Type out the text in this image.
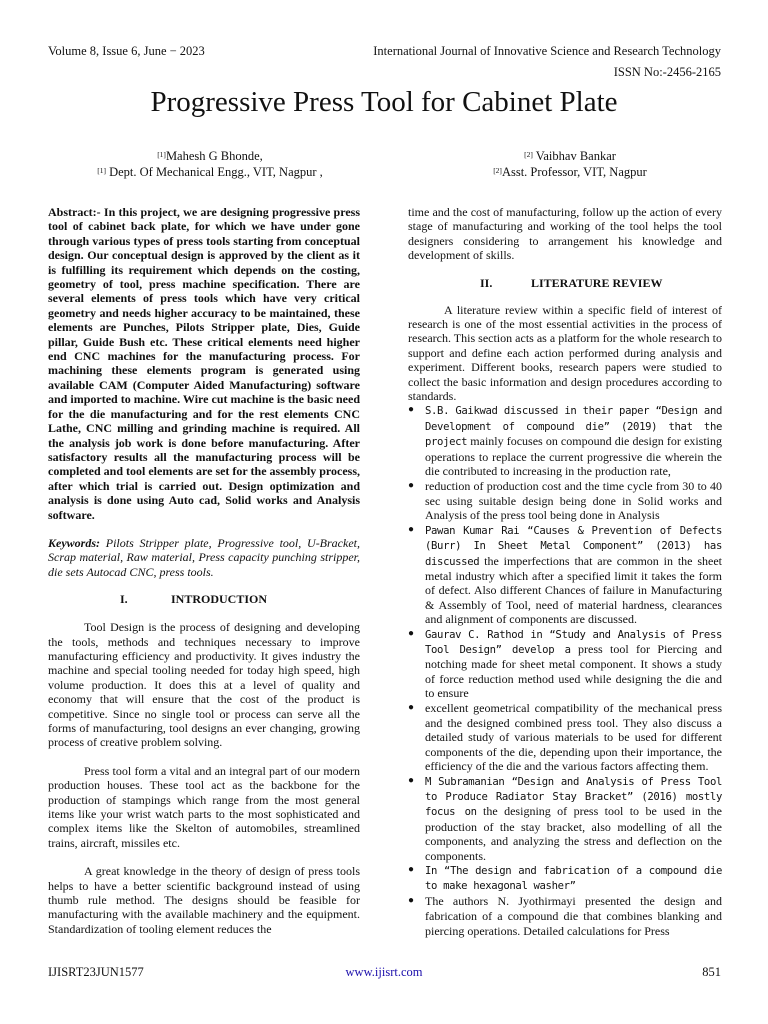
Volume 8, Issue 6, June − 2023	International Journal of Innovative Science and Research Technology
ISSN No:-2456-2165
Progressive Press Tool for Cabinet Plate
[1]Mahesh G Bhonde,
[1] Dept. Of Mechanical Engg., VIT, Nagpur ,
[2] Vaibhav Bankar
[2]Asst. Professor, VIT, Nagpur

Abstract:- In this project, we are designing progressive press tool of cabinet back plate, for which we have under gone through various types of press tools starting from conceptual design. Our conceptual design is approved by the client as it is fulfilling its requirement which depends on the costing, geometry of tool, press machine specification. There are several elements of press tools which have very critical geometry and needs higher accuracy to be maintained, these elements are Punches, Pilots Stripper plate, Dies, Guide pillar, Guide Bush etc. These critical elements need higher end CNC machines for the manufacturing process. For machining these elements program is generated using available CAM (Computer Aided Manufacturing) software and imported to machine. Wire cut machine is the basic need for the die manufacturing and for the rest elements CNC Lathe, CNC milling and grinding machine is required. All the analysis job work is done before manufacturing. After satisfactory results all the manufacturing process will be completed and tool elements are set for the assembly process, after which trial is carried out. Design optimization and analysis is done using Auto cad, Solid works and Analysis software.

Keywords: Pilots Stripper plate, Progressive tool, U-Bracket, Scrap material, Raw material, Press capacity punching stripper, die sets Autocad CNC, press tools.

I.	INTRODUCTION

Tool Design is the process of designing and developing the tools, methods and techniques necessary to improve manufacturing efficiency and productivity. It gives industry the machine and special tooling needed for today high speed, high volume production. It does this at a level of quality and economy that will ensure that the cost of the product is competitive. Since no single tool or process can serve all the forms of manufacturing, tool designs an ever changing, growing process of creative problem solving.

Press tool form a vital and an integral part of our modern production houses. These tool act as the backbone for the production of stampings which range from the most general items like your wrist watch parts to the most sophisticated and complex items like the Skelton of automobiles, streamlined trains, aircraft, missiles etc.

A great knowledge in the theory of design of press tools helps to have a better scientific background instead of using thumb rule method. The designs should be feasible for manufacturing with the available machinery and the equipment. Standardization of tooling element reduces the

time and the cost of manufacturing, follow up the action of every stage of manufacturing and working of the tool helps the tool designers considering to arrangement his knowledge and development of skills.

II.	LITERATURE REVIEW

A literature review within a specific field of interest of research is one of the most essential activities in the process of research. This section acts as a platform for the whole research to support and define each action performed during analysis and experiment. Different books, research papers were studied to collect the basic information and design procedures according to standards.

● S.B. Gaikwad discussed in their paper “Design and Development of compound die” (2019) that the project mainly focuses on compound die design for existing operations to replace the current progressive die wherein the die contributed to increasing in the production rate,
● reduction of production cost and the time cycle from 30 to 40 sec using suitable design being done in Solid works and Analysis of the press tool being done in Analysis
● Pawan Kumar Rai “Causes & Prevention of Defects (Burr) In Sheet Metal Component” (2013) has discussed the imperfections that are common in the sheet metal industry which after a specified limit it takes the form of defect. Also different Chances of failure in Manufacturing & Assembly of Tool, need of material hardness, clearances and alignment of components are discussed.
● Gaurav C. Rathod in “Study and Analysis of Press Tool Design” develop a press tool for Piercing and notching made for sheet metal component. It shows a study of force reduction method used while designing the die and to ensure
● excellent geometrical compatibility of the mechanical press and the designed combined press tool. They also discuss a detailed study of various materials to be used for different components of the die, depending upon their importance, the efficiency of the die and the various factors affecting them.
● M Subramanian “Design and Analysis of Press Tool to Produce Radiator Stay Bracket” (2016) mostly focus on the designing of press tool to be used in the production of the stay bracket, also modelling of all the components, and analyzing the stress and deflection on the components.
● In “The design and fabrication of a compound die to make hexagonal washer”
● The authors N. Jyothirmayi presented the design and fabrication of a compound die that combines blanking and piercing operations. Detailed calculations for Press
IJISRT23JUN1577	www.ijisrt.com	851
